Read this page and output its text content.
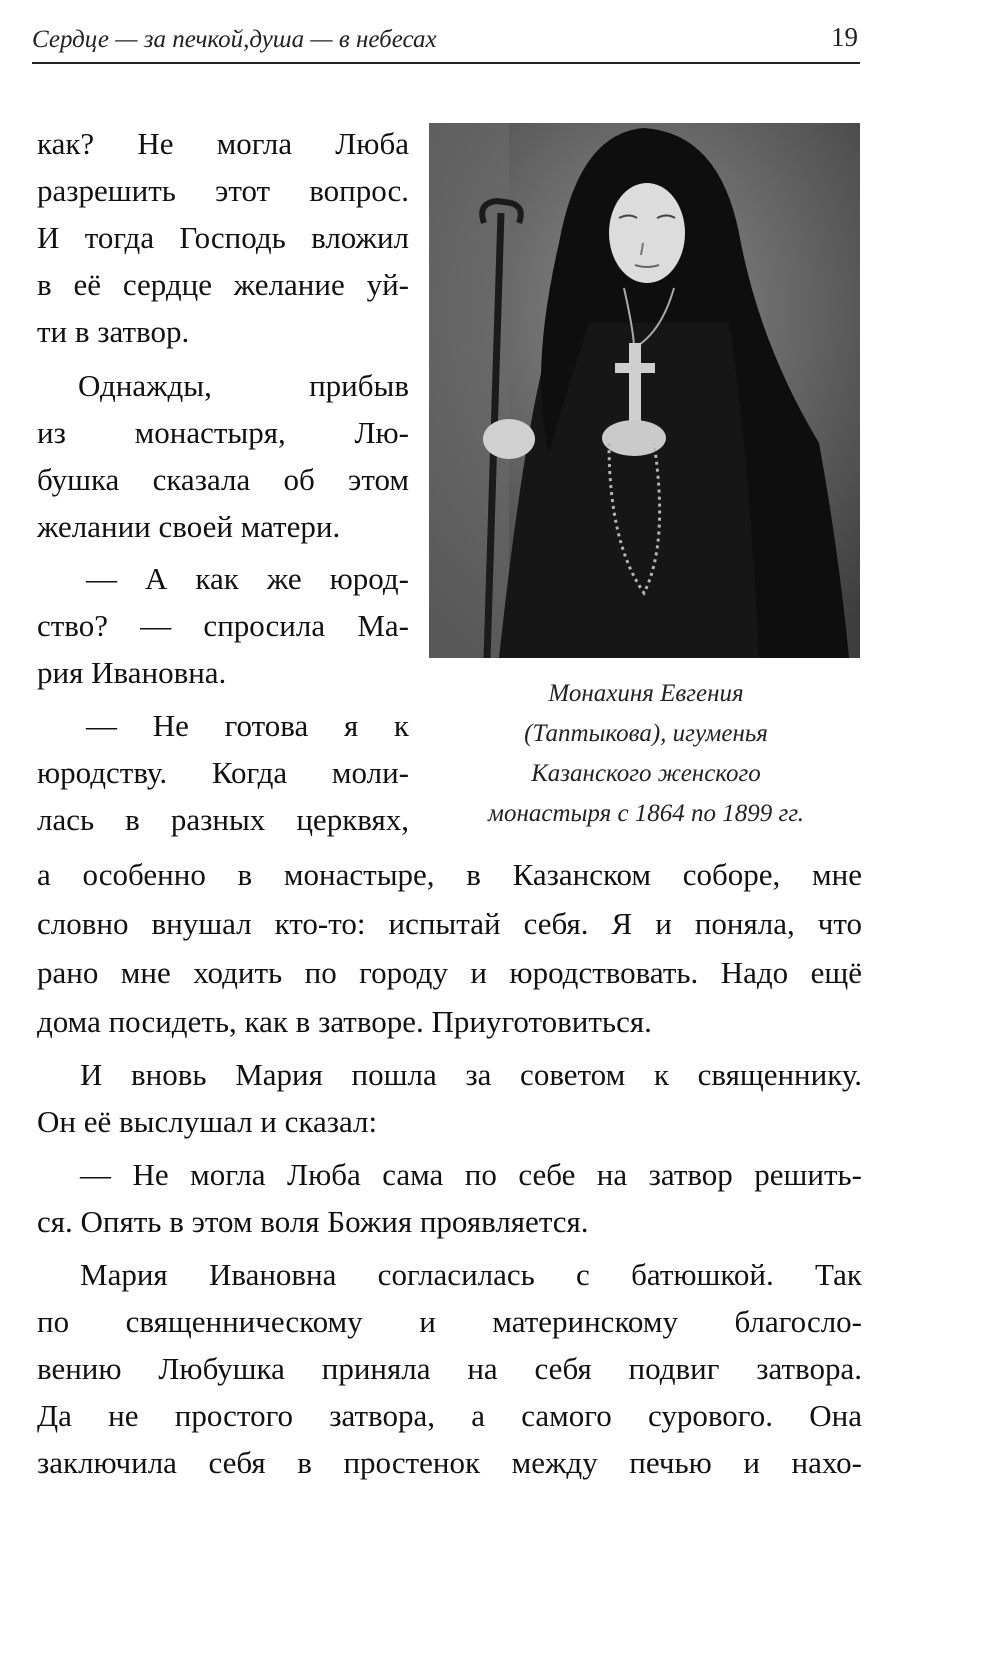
Сердце — за печкой,душа — в небесах	19

как? Не могла Люба

разрешить этот вопрос.

И тогда Господь вложил

в её сердце желание уй-

ти в затвор.

Однажды, прибыв

из монастыря, Лю-

бушка сказала об этом

желании своей матери.

— А как же юрод-

ство? — спросила Ма-

рия Ивановна.

— Не готова я к

юродству. Когда моли-

лась в разных церквях,

Монахиня Евгения
(Таптыкова), игуменья
Казанского женского
монастыря с 1864 по 1899 гг.

а особенно в монастыре, в Казанском соборе, мне

словно внушал кто-то: испытай себя. Я и поняла, что

рано мне ходить по городу и юродствовать. Надо ещё

дома посидеть, как в затворе. Приуготовиться.

И вновь Мария пошла за советом к священнику.

Он её выслушал и сказал:

— Не могла Люба сама по себе на затвор решить-

ся. Опять в этом воля Божия проявляется.

Мария Ивановна согласилась с батюшкой. Так

по священническому и материнскому благосло-

вению Любушка приняла на себя подвиг затвора.

Да не простого затвора, а самого сурового. Она

заключила себя в простенок между печью и нахо-
